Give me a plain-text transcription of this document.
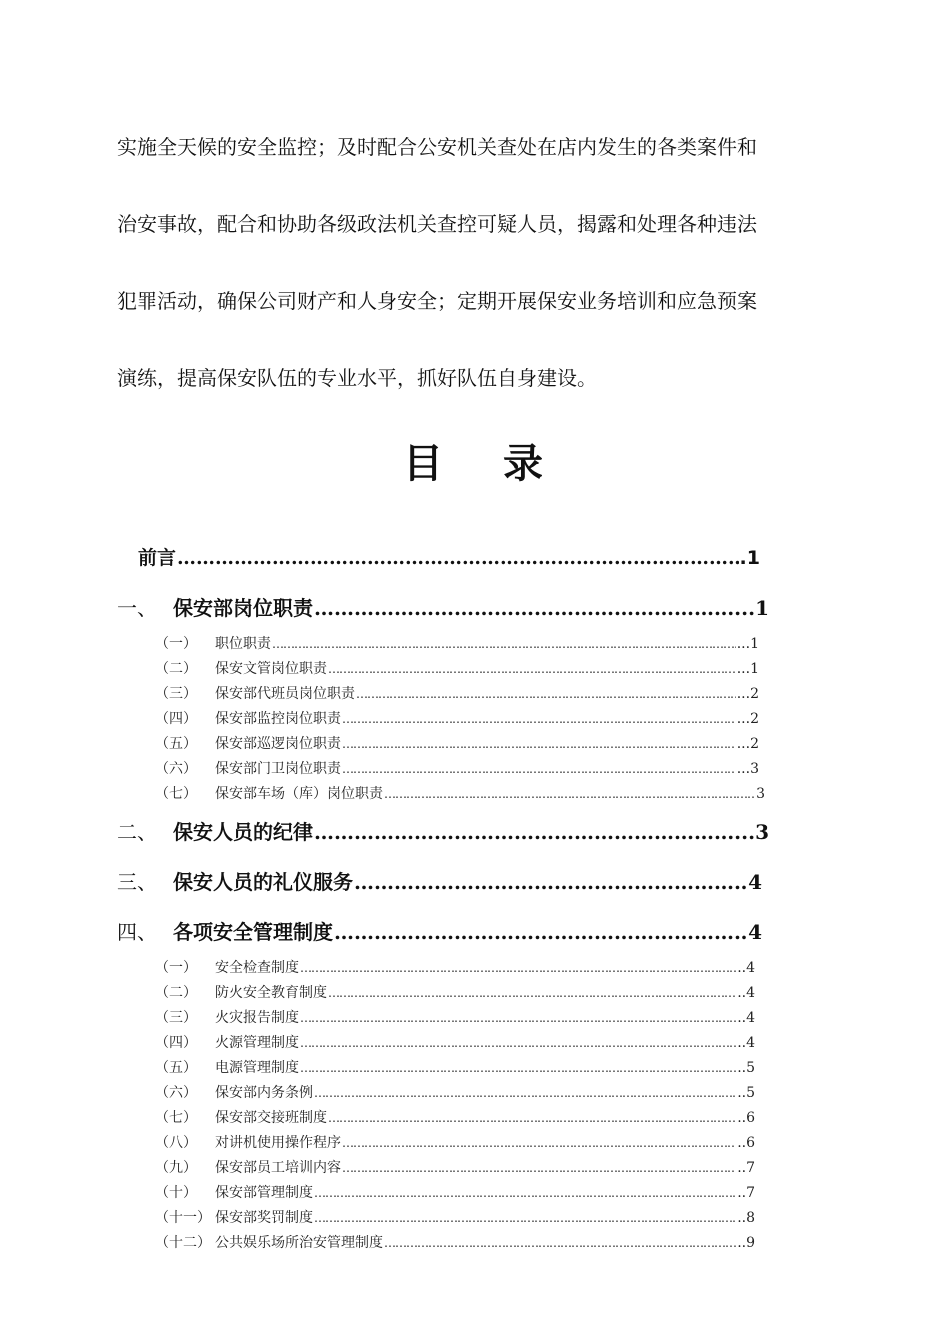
实施全天候的安全监控；及时配合公安机关查处在店内发生的各类案件和
治安事故，配合和协助各级政法机关查控可疑人员，揭露和处理各种违法
犯罪活动，确保公司财产和人身安全；定期开展保安业务培训和应急预案
演练，提高保安队伍的专业水平，抓好队伍自身建设。
目 录
前言 …………………………………………………………………………………………………………………………………………………………………………………………………………	.1
一、 保安部岗位职责 …………………………………………………………………………………………………………………………………………………………………………………………………………	....1
（一）	职位职责 …………………………………………………………………………………………………………………………………………………………………………………………………………	...1
（二）	保安文管岗位职责 …………………………………………………………………………………………………………………………………………………………………………………………………………	...1
（三）	保安部代班员岗位职责 …………………………………………………………………………………………………………………………………………………………………………………………………………	...2
（四）	保安部监控岗位职责 …………………………………………………………………………………………………………………………………………………………………………………………………………	...2
（五）	保安部巡逻岗位职责 …………………………………………………………………………………………………………………………………………………………………………………………………………	...2
（六）	保安部门卫岗位职责 …………………………………………………………………………………………………………………………………………………………………………………………………………	...3
（七）	保安部车场（库）岗位职责 …………………………………………………………………………………………………………………………………………………………………………………………………………	3
二、 保安人员的纪律 …………………………………………………………………………………………………………………………………………………………………………………………………………	....3
三、 保安人员的礼仪服务 …………………………………………………………………………………………………………………………………………………………………………………………………………	4
四、 各项安全管理制度 …………………………………………………………………………………………………………………………………………………………………………………………………………	4
（一）	安全检查制度 …………………………………………………………………………………………………………………………………………………………………………………………………………	..4
（二）	防火安全教育制度 …………………………………………………………………………………………………………………………………………………………………………………………………………	..4
（三）	火灾报告制度 …………………………………………………………………………………………………………………………………………………………………………………………………………	..4
（四）	火源管理制度 …………………………………………………………………………………………………………………………………………………………………………………………………………	..4
（五）	电源管理制度 …………………………………………………………………………………………………………………………………………………………………………………………………………	..5
（六）	保安部内务条例 …………………………………………………………………………………………………………………………………………………………………………………………………………	..5
（七）	保安部交接班制度 …………………………………………………………………………………………………………………………………………………………………………………………………………	..6
（八）	对讲机使用操作程序 …………………………………………………………………………………………………………………………………………………………………………………………………………	..6
（九）	保安部员工培训内容 …………………………………………………………………………………………………………………………………………………………………………………………………………	..7
（十）	保安部管理制度 …………………………………………………………………………………………………………………………………………………………………………………………………………	..7
（十一） 保安部奖罚制度 …………………………………………………………………………………………………………………………………………………………………………………………………………	..8
（十二） 公共娱乐场所治安管理制度 …………………………………………………………………………………………………………………………………………………………………………………………………………	..9
